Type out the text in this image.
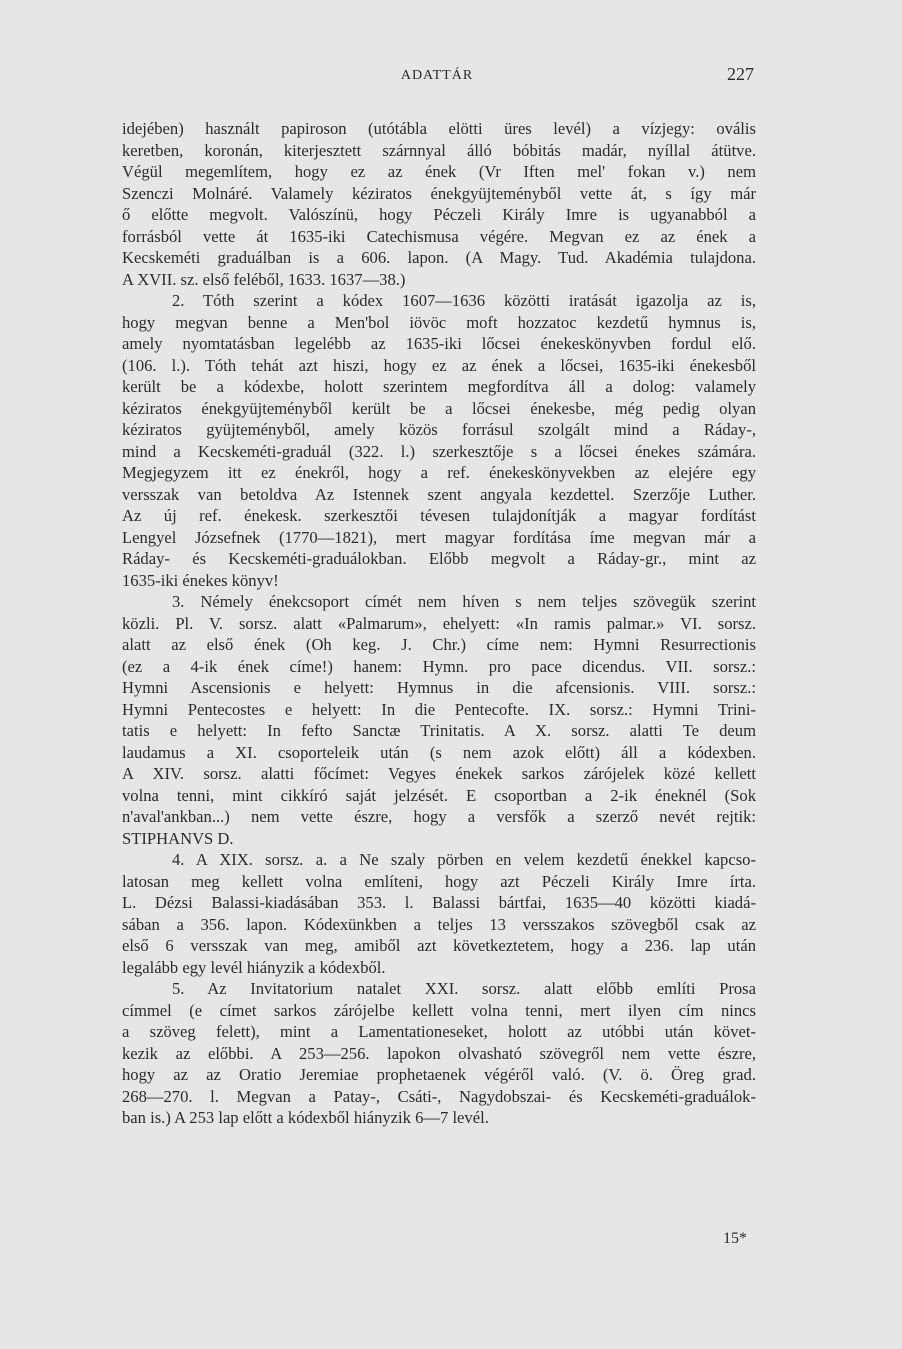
ADATTÁR	227
idejében) használt papiroson (utótábla elötti üres levél) a vízjegy: ovális
keretben, koronán, kiterjesztett szárnnyal álló bóbitás madár, nyíllal átütve.
Végül megemlítem, hogy ez az ének (Vr Iften mel' fokan v.) nem
Szenczi Molnáré. Valamely kéziratos énekgyüjteményből vette át, s így már
ő előtte megvolt. Valószínü, hogy Péczeli Király Imre is ugyanabból a
forrásból vette át 1635-iki Catechismusa végére. Megvan ez az ének a
Kecskeméti graduálban is a 606. lapon. (A Magy. Tud. Akadémia tulajdona.
A XVII. sz. első feléből, 1633. 1637—38.)
2. Tóth szerint a kódex 1607—1636 közötti iratását igazolja az is,
hogy megvan benne a Men'bol iövöc moft hozzatoc kezdetű hymnus is,
amely nyomtatásban legelébb az 1635-iki lőcsei énekeskönyvben fordul elő.
(106. l.). Tóth tehát azt hiszi, hogy ez az ének a lőcsei, 1635-iki énekesből
került be a kódexbe, holott szerintem megfordítva áll a dolog: valamely
kéziratos énekgyüjteményből került be a lőcsei énekesbe, még pedig olyan
kéziratos gyüjteményből, amely közös forrásul szolgált mind a Ráday-,
mind a Kecskeméti-graduál (322. l.) szerkesztője s a lőcsei énekes számára.
Megjegyzem itt ez énekről, hogy a ref. énekeskönyvekben az elejére egy
versszak van betoldva Az Istennek szent angyala kezdettel. Szerzője Luther.
Az új ref. énekesk. szerkesztői tévesen tulajdonítják a magyar fordítást
Lengyel Józsefnek (1770—1821), mert magyar fordítása íme megvan már a
Ráday- és Kecskeméti-graduálokban. Előbb megvolt a Ráday-gr., mint az
1635-iki énekes könyv!
3. Némely énekcsoport címét nem híven s nem teljes szövegük szerint
közli. Pl. V. sorsz. alatt «Palmarum», ehelyett: «In ramis palmar.» VI. sorsz.
alatt az első ének (Oh keg. J. Chr.) címe nem: Hymni Resurrectionis
(ez a 4-ik ének címe!) hanem: Hymn. pro pace dicendus. VII. sorsz.:
Hymni Ascensionis e helyett: Hymnus in die afcensionis. VIII. sorsz.:
Hymni Pentecostes e helyett: In die Pentecofte. IX. sorsz.: Hymni Trini-
tatis e helyett: In fefto Sanctæ Trinitatis. A X. sorsz. alatti Te deum
laudamus a XI. csoporteleik után (s nem azok előtt) áll a kódexben.
A XIV. sorsz. alatti főcímet: Vegyes énekek sarkos zárójelek közé kellett
volna tenni, mint cikkíró saját jelzését. E csoportban a 2-ik éneknél (Sok
n'aval'ankban...) nem vette észre, hogy a versfők a szerző nevét rejtik:
STIPHANVS D.
4. A XIX. sorsz. a. a Ne szaly pörben en velem kezdetű énekkel kapcso-
latosan meg kellett volna említeni, hogy azt Péczeli Király Imre írta.
L. Dézsi Balassi-kiadásában 353. l. Balassi bártfai, 1635—40 közötti kiadá-
sában a 356. lapon. Kódexünkben a teljes 13 versszakos szövegből csak az
első 6 versszak van meg, amiből azt következtetem, hogy a 236. lap után
legalább egy levél hiányzik a kódexből.
5. Az Invitatorium natalet XXI. sorsz. alatt előbb említi Prosa
címmel (e címet sarkos zárójelbe kellett volna tenni, mert ilyen cím nincs
a szöveg felett), mint a Lamentationeseket, holott az utóbbi után követ-
kezik az előbbi. A 253—256. lapokon olvasható szövegről nem vette észre,
hogy az az Oratio Jeremiae prophetaenek végéről való. (V. ö. Öreg grad.
268—270. l. Megvan a Patay-, Csáti-, Nagydobszai- és Kecskeméti-graduálok-
ban is.) A 253 lap előtt a kódexből hiányzik 6—7 levél.
15*
